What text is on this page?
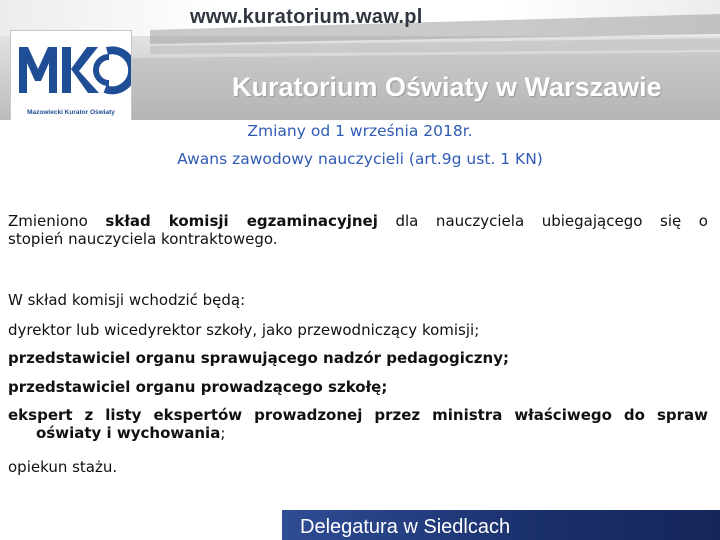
www.kuratorium.waw.pl
Mazowiecki Kurator Oświaty
Kuratorium Oświaty w Warszawie
Zmiany od 1 września 2018r.
Awans zawodowy nauczycieli (art.9g ust. 1 KN)
Zmieniono skład komisji egzaminacyjnej dla nauczyciela ubiegającego się o
stopień nauczyciela kontraktowego.
W skład komisji wchodzić będą:
dyrektor lub wicedyrektor szkoły, jako przewodniczący komisji;
przedstawiciel organu sprawującego nadzór pedagogiczny;
przedstawiciel organu prowadzącego szkołę;
ekspert z listy ekspertów prowadzonej przez ministra właściwego do spraw
oświaty i wychowania;
opiekun stażu.
Delegatura w Siedlcach
